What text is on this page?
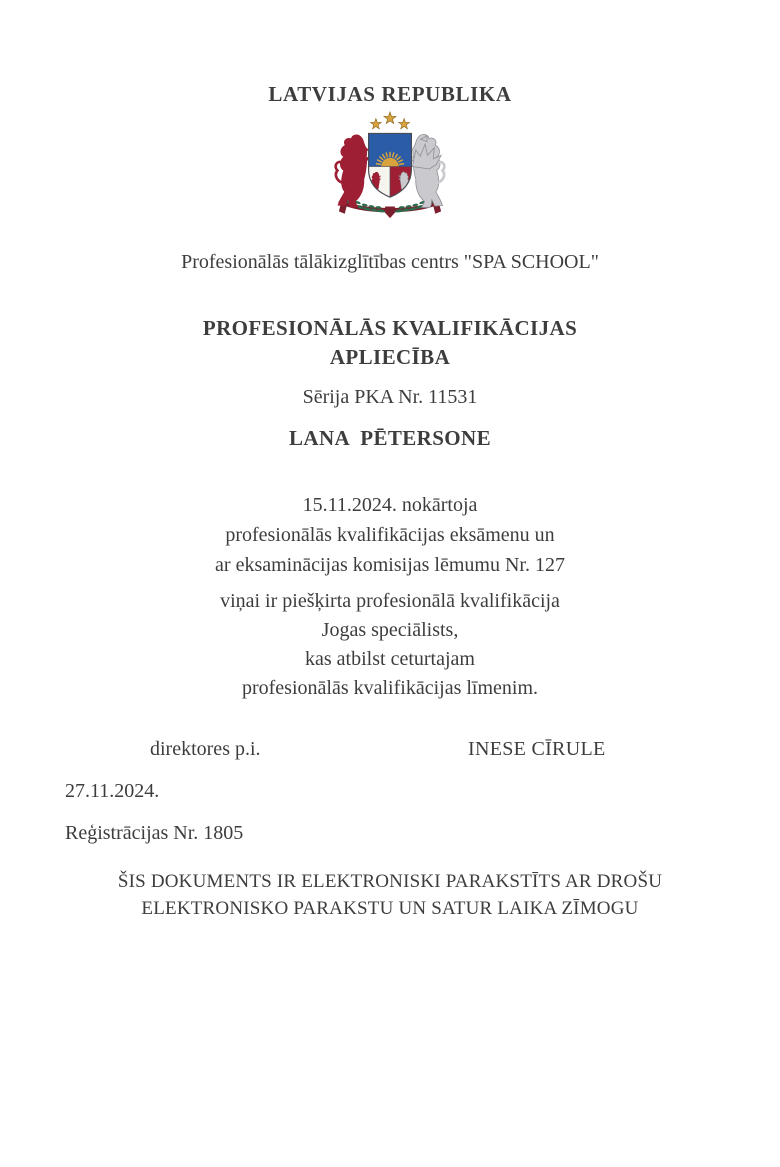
LATVIJAS REPUBLIKA
Profesionālās tālākizglītības centrs "SPA SCHOOL"
PROFESIONĀLĀS KVALIFIKĀCIJAS
APLIECĪBA
Sērija PKA Nr. 11531
LANA  PĒTERSONE
15.11.2024. nokārtoja
profesionālās kvalifikācijas eksāmenu un
ar eksaminācijas komisijas lēmumu Nr. 127
viņai ir piešķirta profesionālā kvalifikācija
Jogas speciālists,
kas atbilst ceturtajam
profesionālās kvalifikācijas līmenim.
direktores p.i.	INESE CĪRULE
27.11.2024.
Reģistrācijas Nr. 1805
ŠIS DOKUMENTS IR ELEKTRONISKI PARAKSTĪTS AR DROŠU
ELEKTRONISKO PARAKSTU UN SATUR LAIKA ZĪMOGU
